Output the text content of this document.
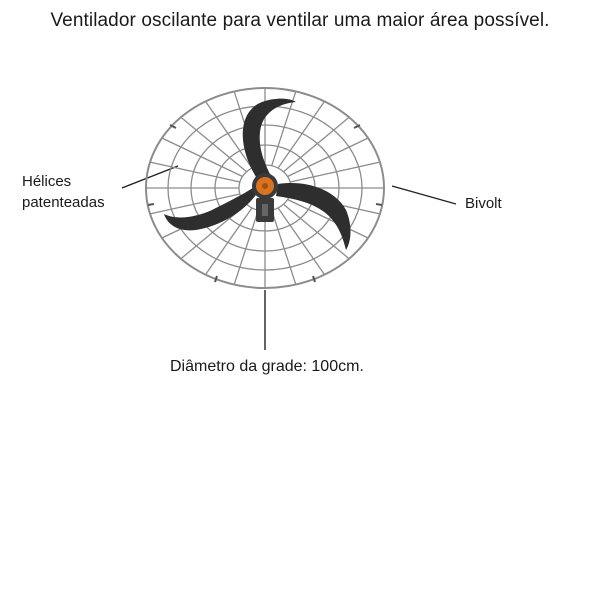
Ventilador oscilante para ventilar uma maior área possível.
Hélices
patenteadas	Bivolt
Diâmetro da grade: 100cm.
